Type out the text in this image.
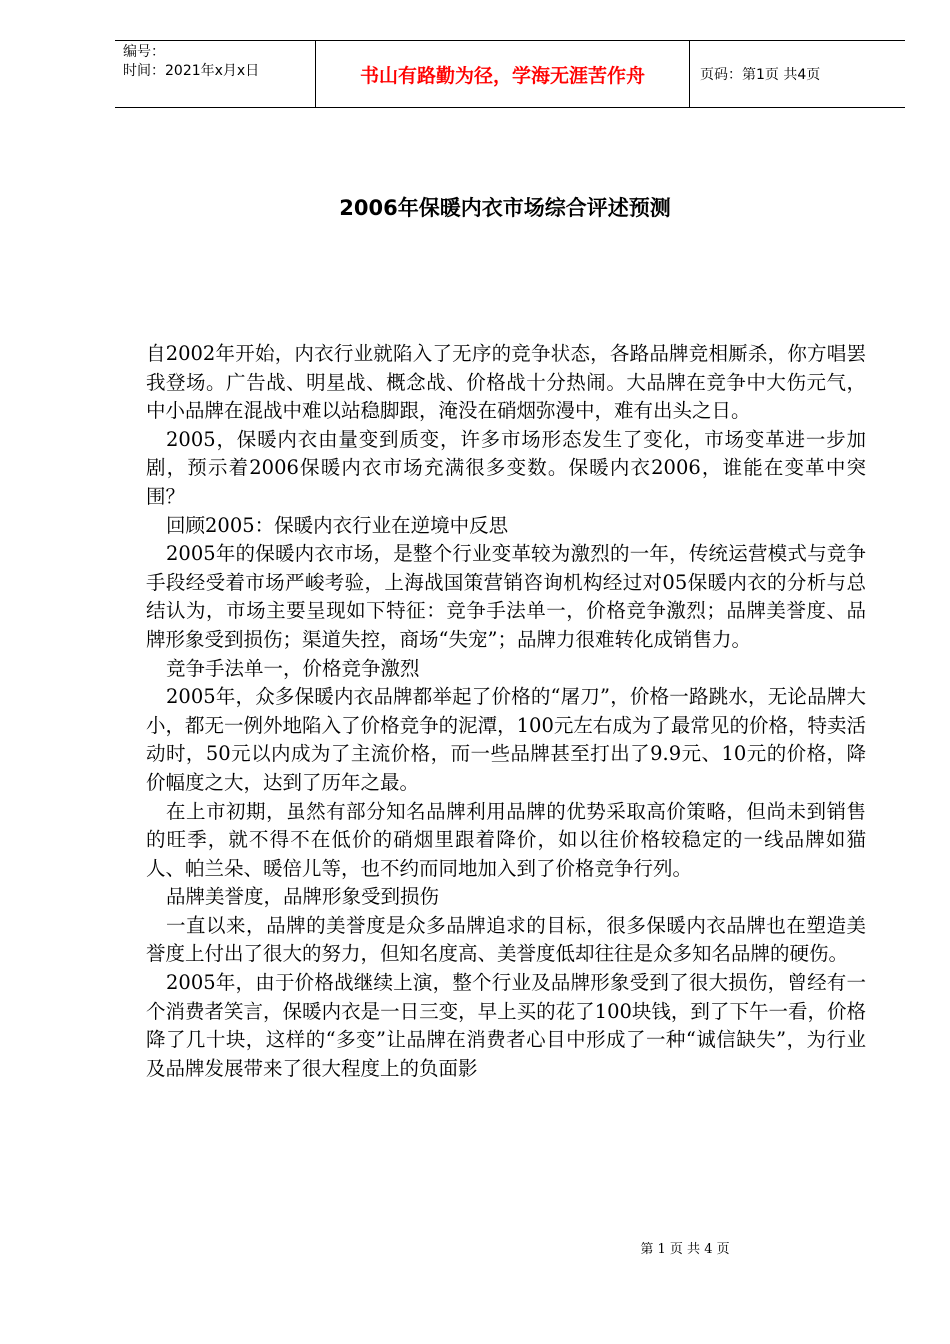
编号：
时间：2021年x月x日	书山有路勤为径，学海无涯苦作舟	页码：第1页 共4页
2006年保暖内衣市场综合评述预测

自2002年开始，内衣行业就陷入了无序的竞争状态，各路品牌竞相厮杀，你方唱罢我登场。广告战、明星战、概念战、价格战十分热闹。大品牌在竞争中大伤元气，中小品牌在混战中难以站稳脚跟，淹没在硝烟弥漫中，难有出头之日。

2005，保暖内衣由量变到质变，许多市场形态发生了变化，市场变革进一步加剧，预示着2006保暖内衣市场充满很多变数。保暖内衣2006，谁能在变革中突围？

回顾2005：保暖内衣行业在逆境中反思

2005年的保暖内衣市场，是整个行业变革较为激烈的一年，传统运营模式与竞争手段经受着市场严峻考验，上海战国策营销咨询机构经过对05保暖内衣的分析与总结认为，市场主要呈现如下特征：竞争手法单一，价格竞争激烈；品牌美誉度、品牌形象受到损伤；渠道失控，商场“失宠”；品牌力很难转化成销售力。

竞争手法单一，价格竞争激烈

2005年，众多保暖内衣品牌都举起了价格的“屠刀”，价格一路跳水，无论品牌大小，都无一例外地陷入了价格竞争的泥潭，100元左右成为了最常见的价格，特卖活动时，50元以内成为了主流价格，而一些品牌甚至打出了9.9元、10元的价格，降价幅度之大，达到了历年之最。

在上市初期，虽然有部分知名品牌利用品牌的优势采取高价策略，但尚未到销售的旺季，就不得不在低价的硝烟里跟着降价，如以往价格较稳定的一线品牌如猫人、帕兰朵、暖倍儿等，也不约而同地加入到了价格竞争行列。

品牌美誉度，品牌形象受到损伤

一直以来，品牌的美誉度是众多品牌追求的目标，很多保暖内衣品牌也在塑造美誉度上付出了很大的努力，但知名度高、美誉度低却往往是众多知名品牌的硬伤。

2005年，由于价格战继续上演，整个行业及品牌形象受到了很大损伤，曾经有一个消费者笑言，保暖内衣是一日三变，早上买的花了100块钱，到了下午一看，价格降了几十块，这样的“多变”让品牌在消费者心目中形成了一种“诚信缺失”，为行业及品牌发展带来了很大程度上的负面影

第 1 页 共 4 页
